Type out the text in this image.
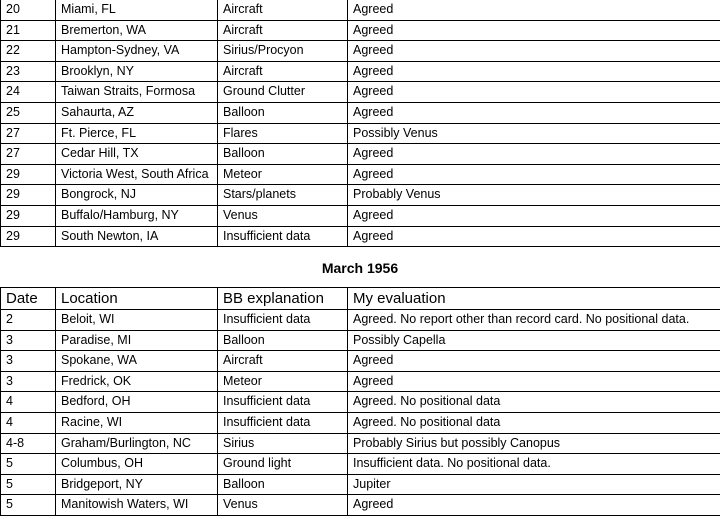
20	Miami, FL	Aircraft	Agreed
21	Bremerton, WA	Aircraft	Agreed
22	Hampton-Sydney, VA	Sirius/Procyon	Agreed
23	Brooklyn, NY	Aircraft	Agreed
24	Taiwan Straits, Formosa	Ground Clutter	Agreed
25	Sahaurta, AZ	Balloon	Agreed
27	Ft. Pierce, FL	Flares	Possibly Venus
27	Cedar Hill, TX	Balloon	Agreed
29	Victoria West, South Africa	Meteor	Agreed
29	Bongrock, NJ	Stars/planets	Probably Venus
29	Buffalo/Hamburg, NY	Venus	Agreed
29	South Newton, IA	Insufficient data	Agreed
March 1956
Date	Location	BB explanation	My evaluation
2	Beloit, WI	Insufficient data	Agreed. No report other than record card. No positional data.
3	Paradise, MI	Balloon	Possibly Capella
3	Spokane, WA	Aircraft	Agreed
3	Fredrick, OK	Meteor	Agreed
4	Bedford, OH	Insufficient data	Agreed. No positional data
4	Racine, WI	Insufficient data	Agreed. No positional data
4-8	Graham/Burlington, NC	Sirius	Probably Sirius but possibly Canopus
5	Columbus, OH	Ground light	Insufficient data. No positional data.
5	Bridgeport, NY	Balloon	Jupiter
5	Manitowish Waters, WI	Venus	Agreed
